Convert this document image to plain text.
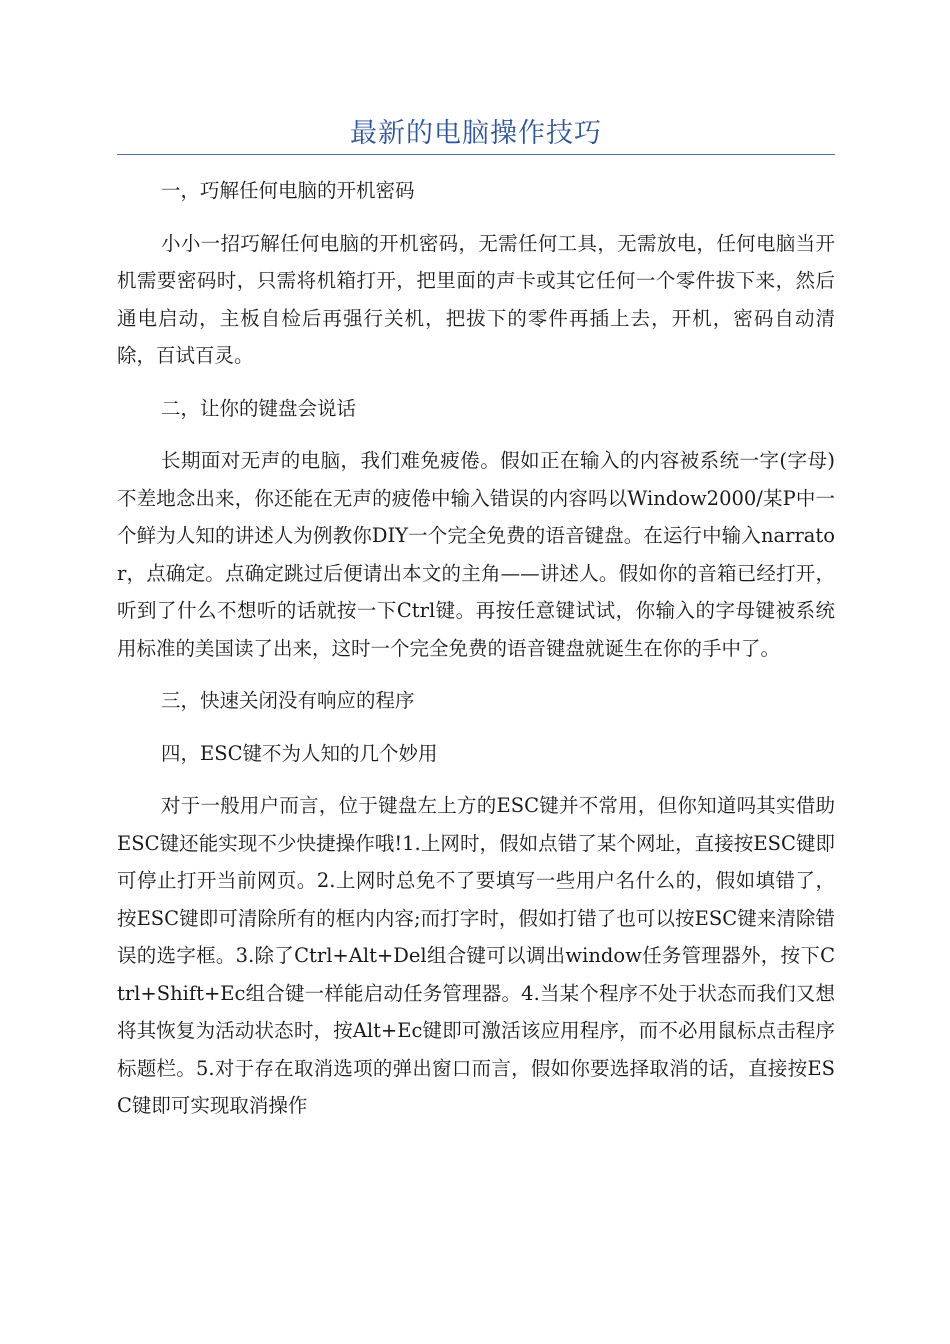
最新的电脑操作技巧

一，巧解任何电脑的开机密码

小小一招巧解任何电脑的开机密码，无需任何工具，无需放电，任何电脑当开机需要密码时，只需将机箱打开，把里面的声卡或其它任何一个零件拔下来，然后通电启动，主板自检后再强行关机，把拔下的零件再插上去，开机，密码自动清除，百试百灵。

二，让你的键盘会说话

长期面对无声的电脑，我们难免疲倦。假如正在输入的内容被系统一字(字母)不差地念出来，你还能在无声的疲倦中输入错误的内容吗以Window2000/某P中一个鲜为人知的讲述人为例教你DIY一个完全免费的语音键盘。在运行中输入narrator，点确定。点确定跳过后便请出本文的主角——讲述人。假如你的音箱已经打开，听到了什么不想听的话就按一下Ctrl键。再按任意键试试，你输入的字母键被系统用标准的美国读了出来，这时一个完全免费的语音键盘就诞生在你的手中了。

三，快速关闭没有响应的程序

四，ESC键不为人知的几个妙用

对于一般用户而言，位于键盘左上方的ESC键并不常用，但你知道吗其实借助ESC键还能实现不少快捷操作哦!1.上网时，假如点错了某个网址，直接按ESC键即可停止打开当前网页。2.上网时总免不了要填写一些用户名什么的，假如填错了，按ESC键即可清除所有的框内内容;而打字时，假如打错了也可以按ESC键来清除错误的选字框。3.除了Ctrl+Alt+Del组合键可以调出window任务管理器外，按下Ctrl+Shift+Ec组合键一样能启动任务管理器。4.当某个程序不处于状态而我们又想将其恢复为活动状态时，按Alt+Ec键即可激活该应用程序，而不必用鼠标点击程序标题栏。5.对于存在取消选项的弹出窗口而言，假如你要选择取消的话，直接按ESC键即可实现取消操作
